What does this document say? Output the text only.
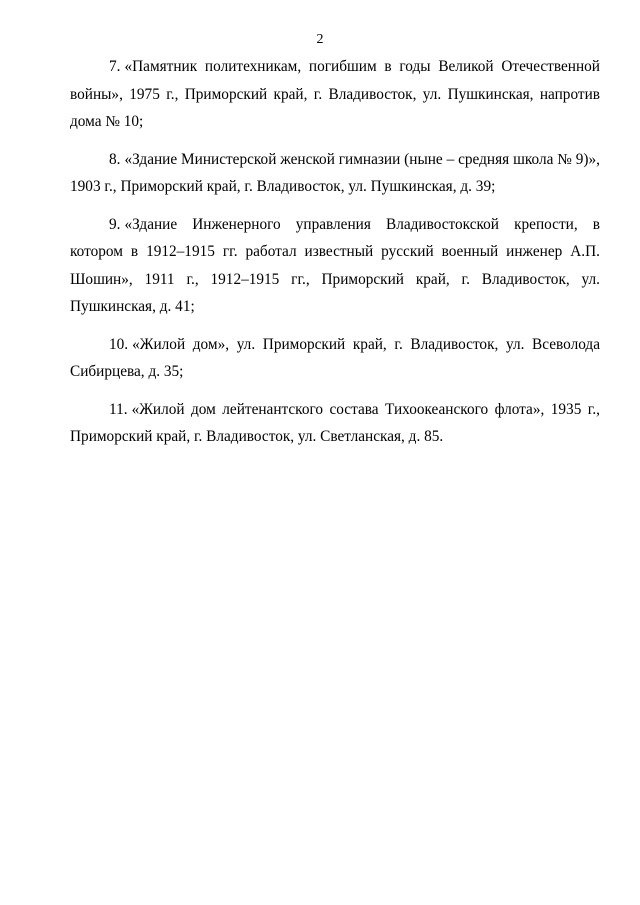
2

7. «Памятник политехникам, погибшим в годы Великой Отечественной войны», 1975 г., Приморский край, г. Владивосток, ул. Пушкинская, напротив дома № 10;

8. «Здание Министерской женской гимназии (ныне – средняя школа № 9)», 1903 г., Приморский край, г. Владивосток, ул. Пушкинская, д. 39;

9. «Здание Инженерного управления Владивостокской крепости, в котором в 1912–1915 гг. работал известный русский военный инженер А.П. Шошин», 1911 г., 1912–1915 гг., Приморский край, г. Владивосток, ул. Пушкинская, д. 41;

10. «Жилой дом», ул. Приморский край, г. Владивосток, ул. Всеволода Сибирцева, д. 35;

11. «Жилой дом лейтенантского состава Тихоокеанского флота», 1935 г., Приморский край, г. Владивосток, ул. Светланская, д. 85.
